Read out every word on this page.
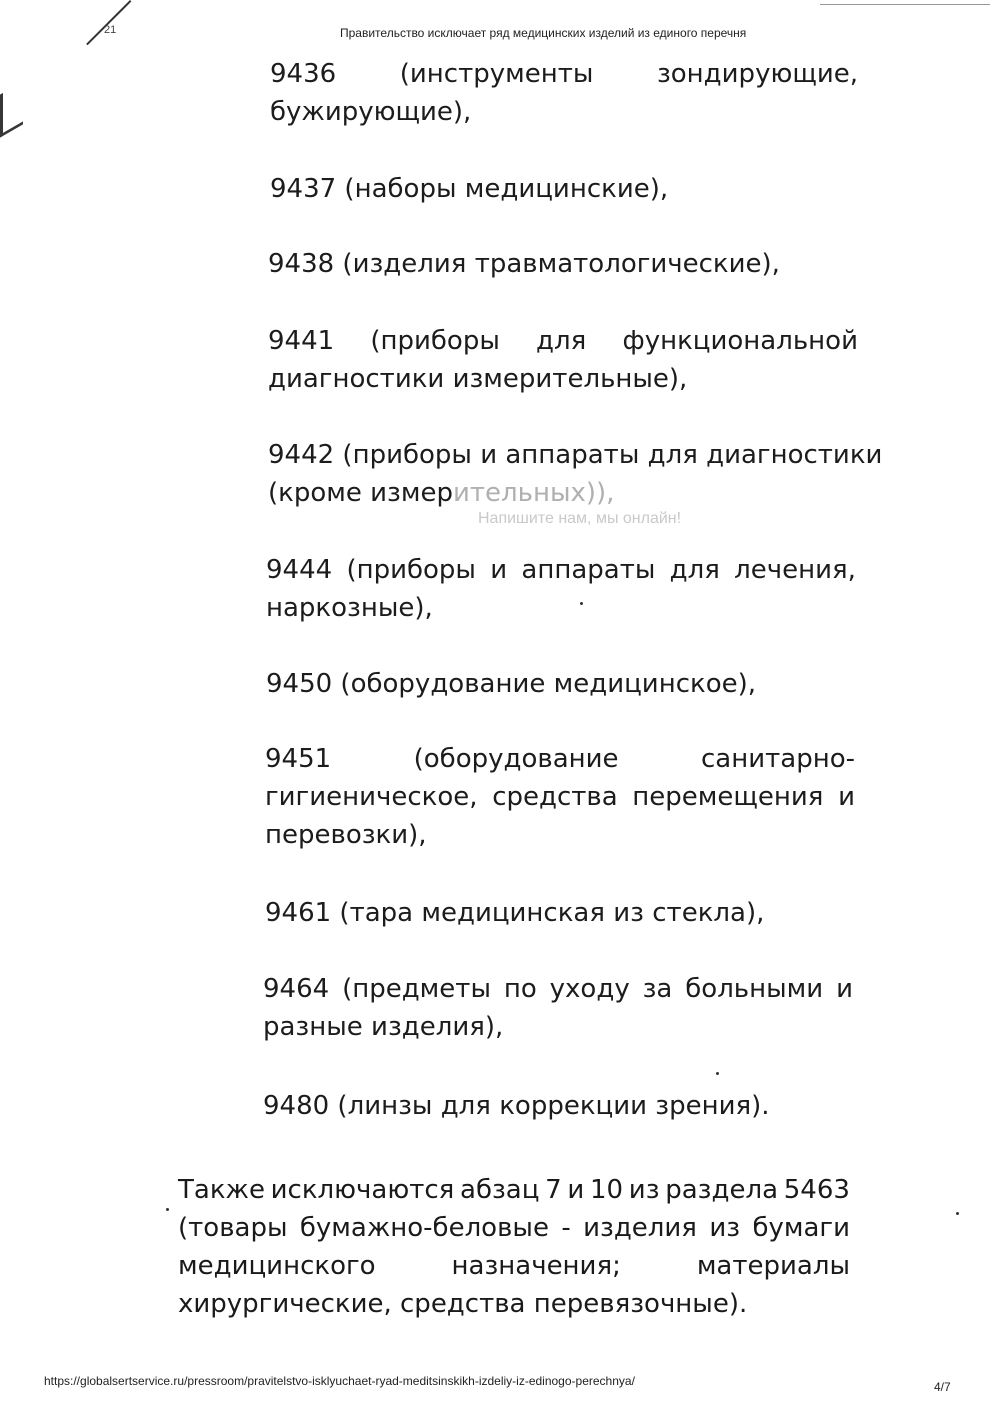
21	Правительство исключает ряд медицинских изделий из единого перечня
9436 (инструменты зондирующие,
бужирующие),
9437 (наборы медицинские),
9438 (изделия травматологические),
9441 (приборы для функциональной
диагностики измерительные),
9442 (приборы и аппараты для диагностики
(кроме измерительных)),
Напишите нам, мы онлайн!
9444 (приборы и аппараты для лечения,
наркозные),
9450 (оборудование медицинское),
9451	(оборудование	санитарно-
гигиеническое, средства перемещения и
перевозки),
9461 (тара медицинская из стекла),
9464 (предметы по уходу за больными и
разные изделия),
9480 (линзы для коррекции зрения).
Также исключаются абзац 7 и 10 из раздела 5463
(товары бумажно-беловые - изделия из бумаги
медицинского	назначения;	материалы
хирургические, средства перевязочные).
https://globalsertservice.ru/pressroom/pravitelstvo-isklyuchaet-ryad-meditsinskikh-izdeliy-iz-edinogo-perechnya/	4/7
